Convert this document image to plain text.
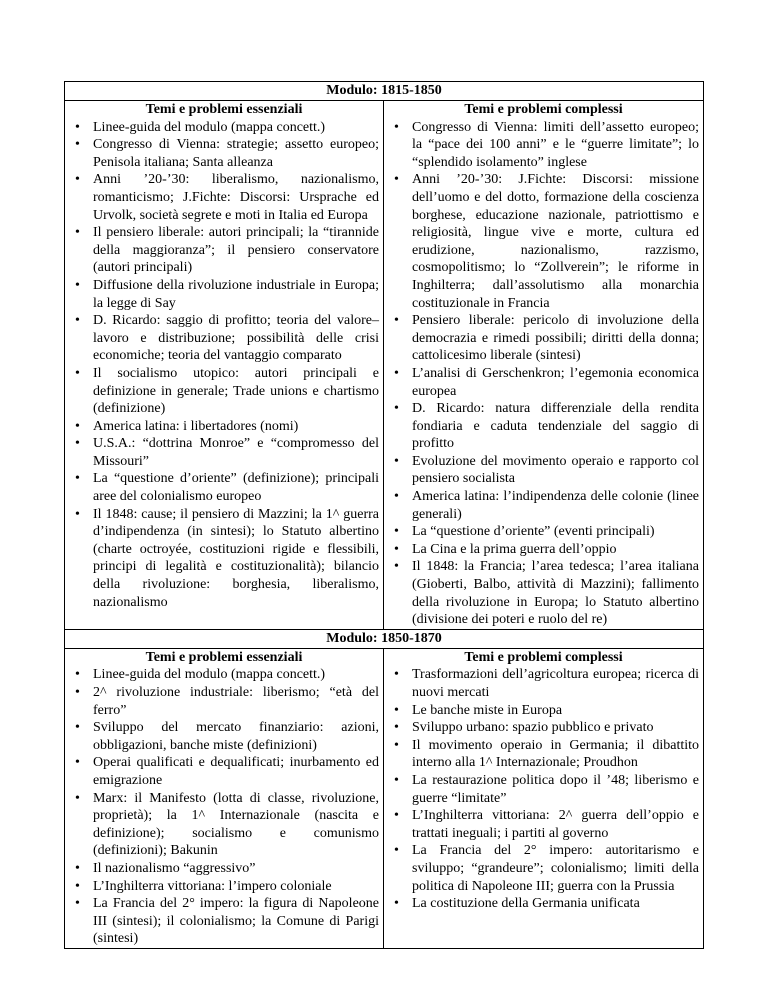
Modulo: 1815-1850
Temi e problemi essenziali
• Linee-guida del modulo (mappa concett.)
• Congresso di Vienna: strategie; assetto europeo; Penisola italiana; Santa alleanza
• Anni ’20-’30: liberalismo, nazionalismo, romanticismo; J.Fichte: Discorsi: Ursprache ed Urvolk, società segrete e moti in Italia ed Europa
• Il pensiero liberale: autori principali; la “tirannide della maggioranza”; il pensiero conservatore (autori principali)
• Diffusione della rivoluzione industriale in Europa; la legge di Say
• D. Ricardo: saggio di profitto; teoria del valore–lavoro e distribuzione; possibilità delle crisi economiche; teoria del vantaggio comparato
• Il socialismo utopico: autori principali e definizione in generale; Trade unions e chartismo (definizione)
• America latina: i libertadores (nomi)
• U.S.A.: “dottrina Monroe” e “compromesso del Missouri”
• La “questione d’oriente” (definizione); principali aree del colonialismo europeo
• Il 1848: cause; il pensiero di Mazzini; la 1^ guerra d’indipendenza (in sintesi); lo Statuto albertino (charte octroyée, costituzioni rigide e flessibili, principi di legalità e costituzionalità); bilancio della rivoluzione: borghesia, liberalismo, nazionalismo
Temi e problemi complessi
• Congresso di Vienna: limiti dell’assetto europeo; la “pace dei 100 anni” e le “guerre limitate”; lo “splendido isolamento” inglese
• Anni ’20-’30: J.Fichte: Discorsi: missione dell’uomo e del dotto, formazione della coscienza borghese, educazione nazionale, patriottismo e religiosità, lingue vive e morte, cultura ed erudizione, nazionalismo, razzismo, cosmopolitismo; lo “Zollverein”; le riforme in Inghilterra; dall’assolutismo alla monarchia costituzionale in Francia
• Pensiero liberale: pericolo di involuzione della democrazia e rimedi possibili; diritti della donna; cattolicesimo liberale (sintesi)
• L’analisi di Gerschenkron; l’egemonia economica europea
• D. Ricardo: natura differenziale della rendita fondiaria e caduta tendenziale del saggio di profitto
• Evoluzione del movimento operaio e rapporto col pensiero socialista
• America latina: l’indipendenza delle colonie (linee generali)
• La “questione d’oriente” (eventi principali)
• La Cina e la prima guerra dell’oppio
• Il 1848: la Francia; l’area tedesca; l’area italiana (Gioberti, Balbo, attività di Mazzini); fallimento della rivoluzione in Europa; lo Statuto albertino (divisione dei poteri e ruolo del re)
Modulo: 1850-1870
Temi e problemi essenziali
• Linee-guida del modulo (mappa concett.)
• 2^ rivoluzione industriale: liberismo; “età del ferro”
• Sviluppo del mercato finanziario: azioni, obbligazioni, banche miste (definizioni)
• Operai qualificati e dequalificati; inurbamento ed emigrazione
• Marx: il Manifesto (lotta di classe, rivoluzione, proprietà); la 1^ Internazionale (nascita e definizione); socialismo e comunismo (definizioni); Bakunin
• Il nazionalismo “aggressivo”
• L’Inghilterra vittoriana: l’impero coloniale
• La Francia del 2° impero: la figura di Napoleone III (sintesi); il colonialismo; la Comune di Parigi (sintesi)
Temi e problemi complessi
• Trasformazioni dell’agricoltura europea; ricerca di nuovi mercati
• Le banche miste in Europa
• Sviluppo urbano: spazio pubblico e privato
• Il movimento operaio in Germania; il dibattito interno alla 1^ Internazionale; Proudhon
• La restaurazione politica dopo il ’48; liberismo e guerre “limitate”
• L’Inghilterra vittoriana: 2^ guerra dell’oppio e trattati ineguali; i partiti al governo
• La Francia del 2° impero: autoritarismo e sviluppo; “grandeure”; colonialismo; limiti della politica di Napoleone III; guerra con la Prussia
• La costituzione della Germania unificata
